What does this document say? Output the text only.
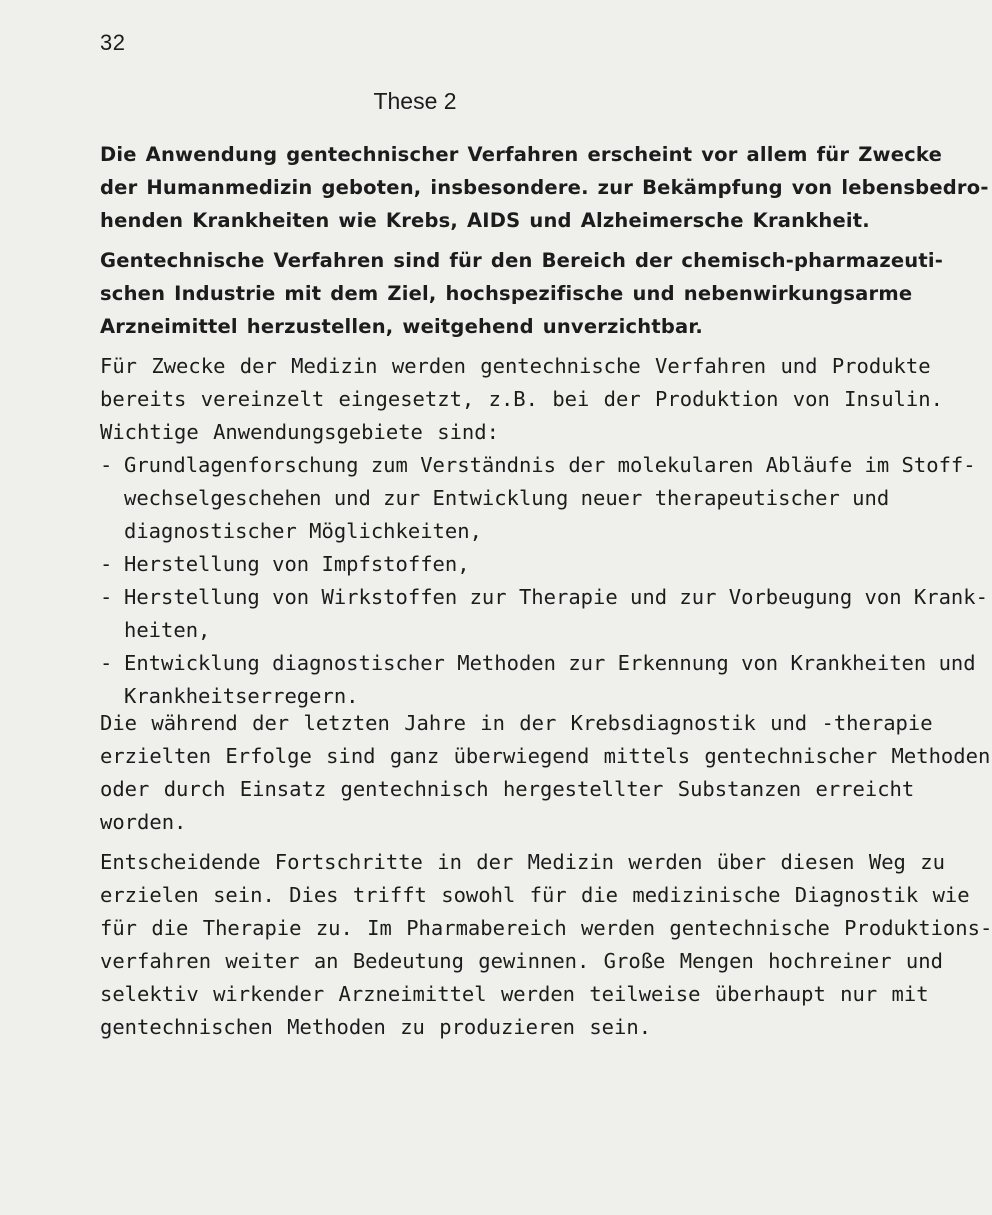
32
These 2
Die Anwendung gentechnischer Verfahren erscheint vor allem für Zwecke
der Humanmedizin geboten, insbesondere. zur Bekämpfung von lebensbedro-
henden Krankheiten wie Krebs, AIDS und Alzheimersche Krankheit.
Gentechnische Verfahren sind für den Bereich der chemisch-pharmazeuti-
schen Industrie mit dem Ziel, hochspezifische und nebenwirkungsarme
Arzneimittel herzustellen, weitgehend unverzichtbar.
Für Zwecke der Medizin werden gentechnische Verfahren und Produkte
bereits vereinzelt eingesetzt, z.B. bei der Produktion von Insulin.
Wichtige Anwendungsgebiete sind:
- Grundlagenforschung zum Verständnis der molekularen Abläufe im Stoff-
wechselgeschehen und zur Entwicklung neuer therapeutischer und
diagnostischer Möglichkeiten,
- Herstellung von Impfstoffen,
- Herstellung von Wirkstoffen zur Therapie und zur Vorbeugung von Krank-
heiten,
- Entwicklung diagnostischer Methoden zur Erkennung von Krankheiten und
Krankheitserregern.
Die während der letzten Jahre in der Krebsdiagnostik und -therapie
erzielten Erfolge sind ganz überwiegend mittels gentechnischer Methoden
oder durch Einsatz gentechnisch hergestellter Substanzen erreicht
worden.
Entscheidende Fortschritte in der Medizin werden über diesen Weg zu
erzielen sein. Dies trifft sowohl für die medizinische Diagnostik wie
für die Therapie zu. Im Pharmabereich werden gentechnische Produktions-
verfahren weiter an Bedeutung gewinnen. Große Mengen hochreiner und
selektiv wirkender Arzneimittel werden teilweise überhaupt nur mit
gentechnischen Methoden zu produzieren sein.
